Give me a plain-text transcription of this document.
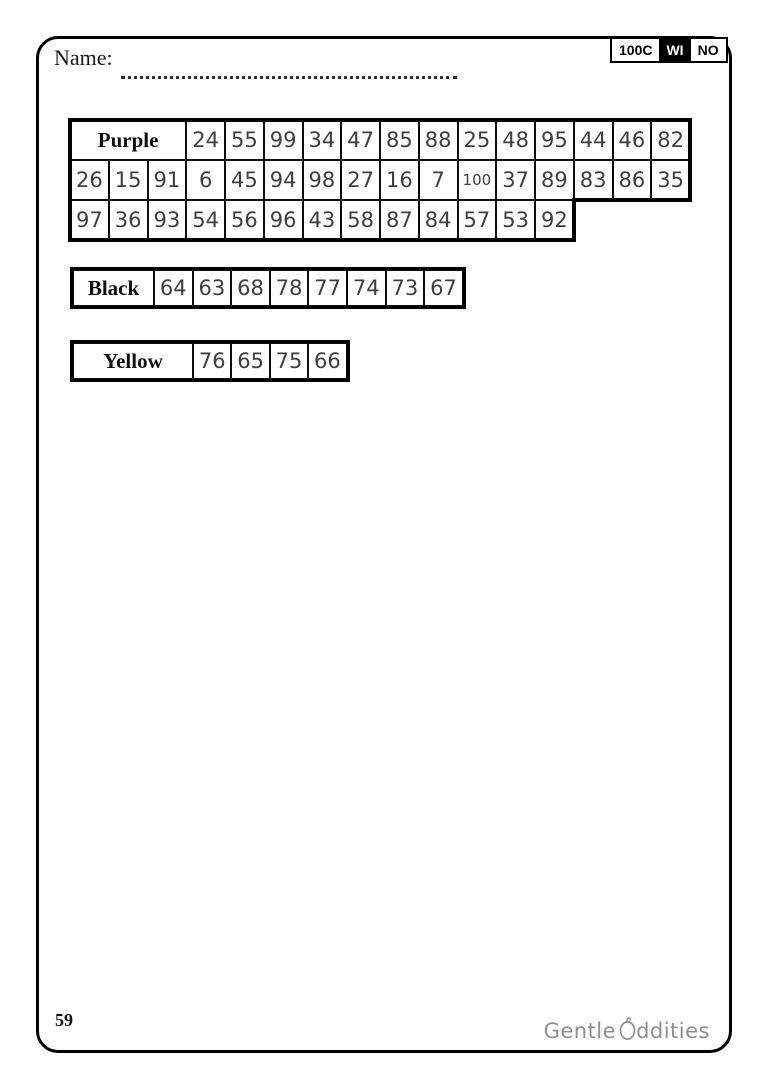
100C	WI	NO
Name:
Purple	24 55 99 34 47 85 88 25 48 95 44 46 82
26 15 91 6 45 94 98 27 16 7	100 37 89 83 86 35
97 36 93 54 56 96 43 58 87 84 57 53 92
Black 64 63 68 78 77 74 73 67
Yellow	76 65 75 66
59	Gentle ddities
